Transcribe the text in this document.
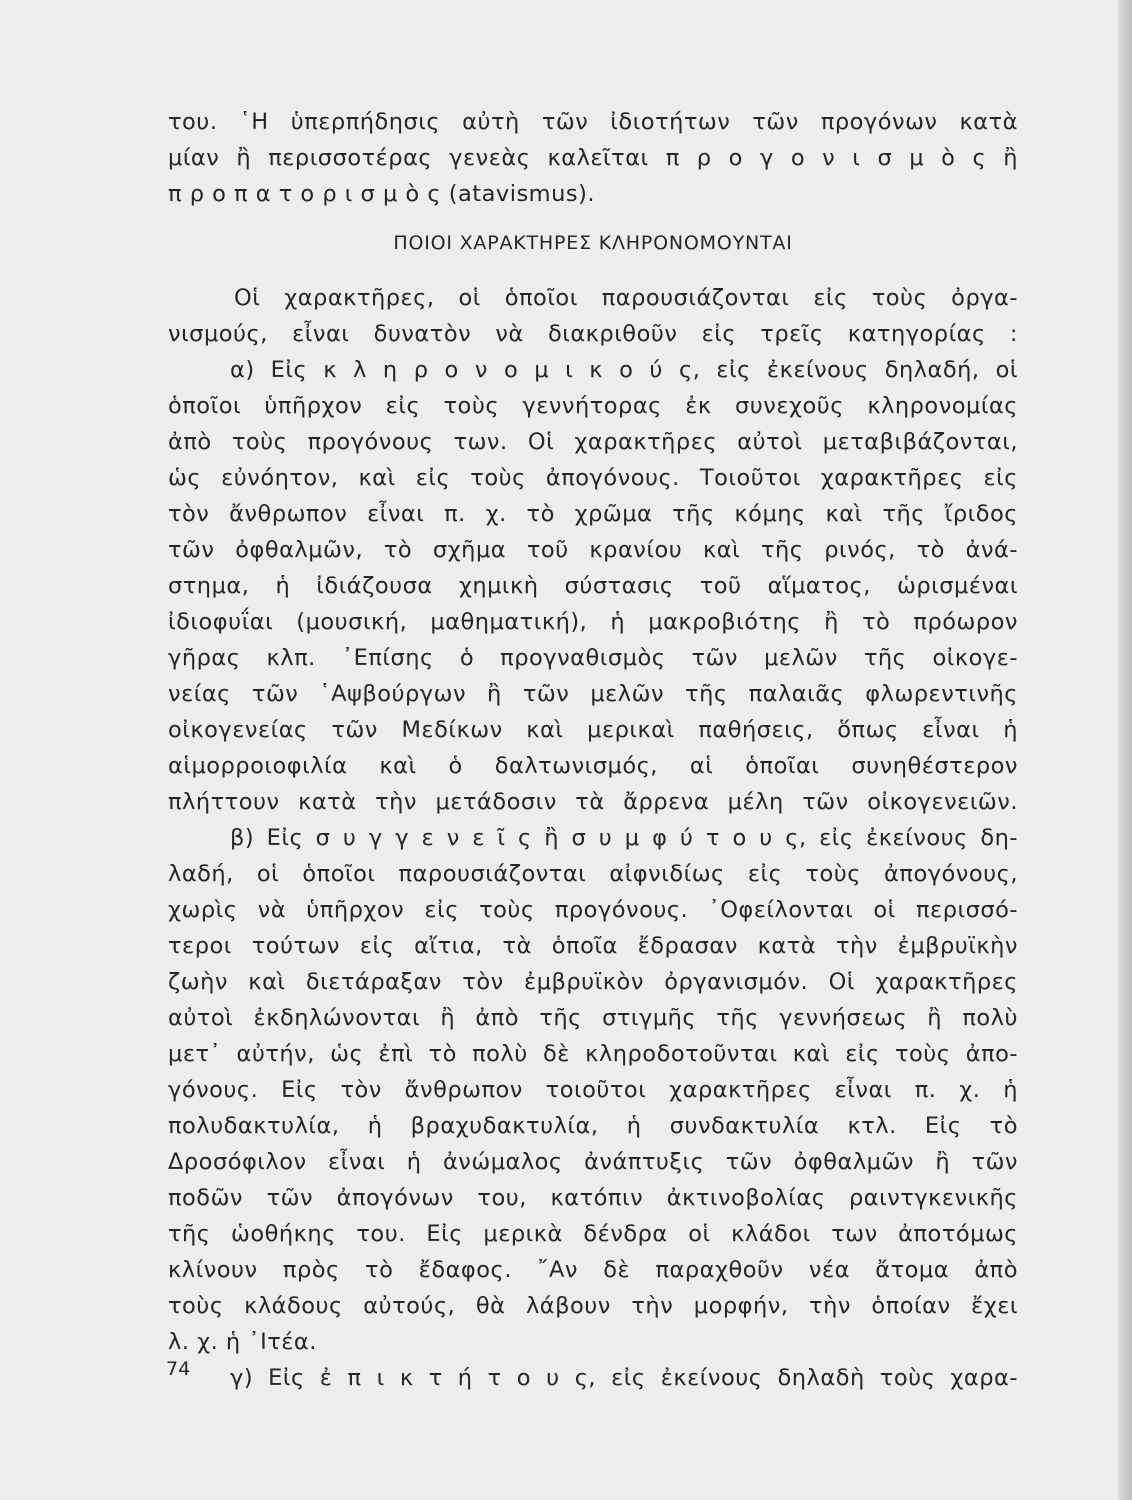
του. ῾Η ὑπερπήδησις αὐτὴ τῶν ἰδιοτήτων τῶν προγόνων κατὰ
μίαν ἢ περισσοτέρας γενεὰς καλεῖται π ρ ο γ ο ν ι σ μ ὸ ς ἢ
π ρ ο π α τ ο ρ ι σ μ ὸ ς (atavismus).
ΠΟΙΟΙ ΧΑΡΑΚΤΗΡΕΣ ΚΛΗΡΟΝΟΜΟΥΝΤΑΙ
Οἱ χαρακτῆρες, οἱ ὁποῖοι παρουσιάζονται εἰς τοὺς ὀργα-
νισμούς, εἶναι δυνατὸν νὰ διακριθοῦν εἰς τρεῖς κατηγορίας :
α) Εἰς κ λ η ρ ο ν ο μ ι κ ο ύ ς, εἰς ἐκείνους δηλαδή, οἱ
ὁποῖοι ὑπῆρχον εἰς τοὺς γεννήτορας ἐκ συνεχοῦς κληρονομίας
ἀπὸ τοὺς προγόνους των. Οἱ χαρακτῆρες αὐτοὶ μεταβιβάζονται,
ὡς εὐνόητον, καὶ εἰς τοὺς ἀπογόνους. Τοιοῦτοι χαρακτῆρες εἰς
τὸν ἄνθρωπον εἶναι π. χ. τὸ χρῶμα τῆς κόμης καὶ τῆς ἴριδος
τῶν ὀφθαλμῶν, τὸ σχῆμα τοῦ κρανίου καὶ τῆς ρινός, τὸ ἀνά-
στημα, ἡ ἰδιάζουσα χημικὴ σύστασις τοῦ αἵματος, ὡρισμέναι
ἰδιοφυΐαι (μουσική, μαθηματική), ἡ μακροβιότης ἢ τὸ πρόωρον
γῆρας κλπ. ᾿Επίσης ὁ προγναθισμὸς τῶν μελῶν τῆς οἰκογε-
νείας τῶν ῾Αψβούργων ἢ τῶν μελῶν τῆς παλαιᾶς φλωρεντινῆς
οἰκογενείας τῶν Μεδίκων καὶ μερικαὶ παθήσεις, ὅπως εἶναι ἡ
αἱμορροιοφιλία καὶ ὁ δαλτωνισμός, αἱ ὁποῖαι συνηθέστερον
πλήττουν κατὰ τὴν μετάδοσιν τὰ ἄρρενα μέλη τῶν οἰκογενειῶν.
β) Εἰς σ υ γ γ ε ν ε ῖ ς ἢ σ υ μ φ ύ τ ο υ ς, εἰς ἐκείνους δη-
λαδή, οἱ ὁποῖοι παρουσιάζονται αἰφνιδίως εἰς τοὺς ἀπογόνους,
χωρὶς νὰ ὑπῆρχον εἰς τοὺς προγόνους. ᾿Οφείλονται οἱ περισσό-
τεροι τούτων εἰς αἴτια, τὰ ὁποῖα ἔδρασαν κατὰ τὴν ἐμβρυϊκὴν
ζωὴν καὶ διετάραξαν τὸν ἐμβρυϊκὸν ὀργανισμόν. Οἱ χαρακτῆρες
αὐτοὶ ἐκδηλώνονται ἢ ἀπὸ τῆς στιγμῆς τῆς γεννήσεως ἢ πολὺ
μετ᾿ αὐτήν, ὡς ἐπὶ τὸ πολὺ δὲ κληροδοτοῦνται καὶ εἰς τοὺς ἀπο-
γόνους. Εἰς τὸν ἄνθρωπον τοιοῦτοι χαρακτῆρες εἶναι π. χ. ἡ
πολυδακτυλία, ἡ βραχυδακτυλία, ἡ συνδακτυλία κτλ. Εἰς τὸ
Δροσόφιλον εἶναι ἡ ἀνώμαλος ἀνάπτυξις τῶν ὀφθαλμῶν ἢ τῶν
ποδῶν τῶν ἀπογόνων του, κατόπιν ἀκτινοβολίας ραιντγκενικῆς
τῆς ὡοθήκης του. Εἰς μερικὰ δένδρα οἱ κλάδοι των ἀποτόμως
κλίνουν πρὸς τὸ ἔδαφος. ῎Αν δὲ παραχθοῦν νέα ἄτομα ἀπὸ
τοὺς κλάδους αὐτούς, θὰ λάβουν τὴν μορφήν, τὴν ὁποίαν ἔχει
λ. χ. ἡ ᾿Ιτέα.
γ) Εἰς ἐ π ι κ τ ή τ ο υ ς, εἰς ἐκείνους δηλαδὴ τοὺς χαρα-
74
